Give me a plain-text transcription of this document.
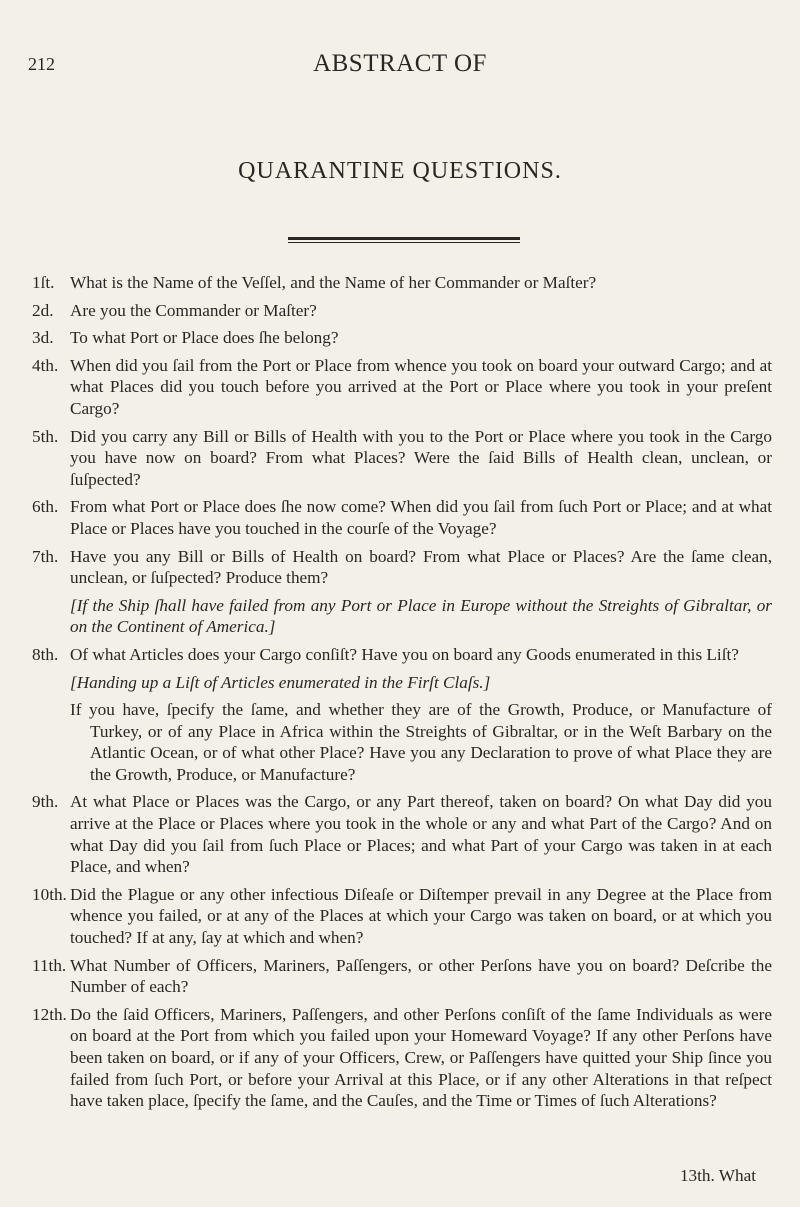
212	ABSTRACT OF
QUARANTINE QUESTIONS.
1ſt. What is the Name of the Veſſel, and the Name of her Commander or Maſter?
2d. Are you the Commander or Maſter?
3d. To what Port or Place does ſhe belong?
4th. When did you ſail from the Port or Place from whence you took on board your outward Cargo; and at what Places did you touch before you arrived at the Port or Place where you took in your preſent Cargo?
5th. Did you carry any Bill or Bills of Health with you to the Port or Place where you took in the Cargo you have now on board? From what Places? Were the ſaid Bills of Health clean, unclean, or ſuſpected?
6th. From what Port or Place does ſhe now come? When did you ſail from ſuch Port or Place; and at what Place or Places have you touched in the courſe of the Voyage?
7th. Have you any Bill or Bills of Health on board? From what Place or Places? Are the ſame clean, unclean, or ſuſpected? Produce them?
[If the Ship ſhall have failed from any Port or Place in Europe without the Streights of Gibraltar, or on the Continent of America.]
8th. Of what Articles does your Cargo conſiſt? Have you on board any Goods enumerated in this Liſt?
[Handing up a Liſt of Articles enumerated in the Firſt Claſs.]
If you have, ſpecify the ſame, and whether they are of the Growth, Produce, or Manufacture of Turkey, or of any Place in Africa within the Streights of Gibraltar, or in the Weſt Barbary on the Atlantic Ocean, or of what other Place? Have you any Declaration to prove of what Place they are the Growth, Produce, or Manufacture?
9th. At what Place or Places was the Cargo, or any Part thereof, taken on board? On what Day did you arrive at the Place or Places where you took in the whole or any and what Part of the Cargo? And on what Day did you ſail from ſuch Place or Places; and what Part of your Cargo was taken in at each Place, and when?
10th. Did the Plague or any other infectious Diſeaſe or Diſtemper prevail in any Degree at the Place from whence you failed, or at any of the Places at which your Cargo was taken on board, or at which you touched? If at any, ſay at which and when?
11th. What Number of Officers, Mariners, Paſſengers, or other Perſons have you on board? Deſcribe the Number of each?
12th. Do the ſaid Officers, Mariners, Paſſengers, and other Perſons conſiſt of the ſame Individuals as were on board at the Port from which you failed upon your Homeward Voyage? If any other Perſons have been taken on board, or if any of your Officers, Crew, or Paſſengers have quitted your Ship ſince you failed from ſuch Port, or before your Arrival at this Place, or if any other Alterations in that reſpect have taken place, ſpecify the ſame, and the Cauſes, and the Time or Times of ſuch Alterations?
13th. What
